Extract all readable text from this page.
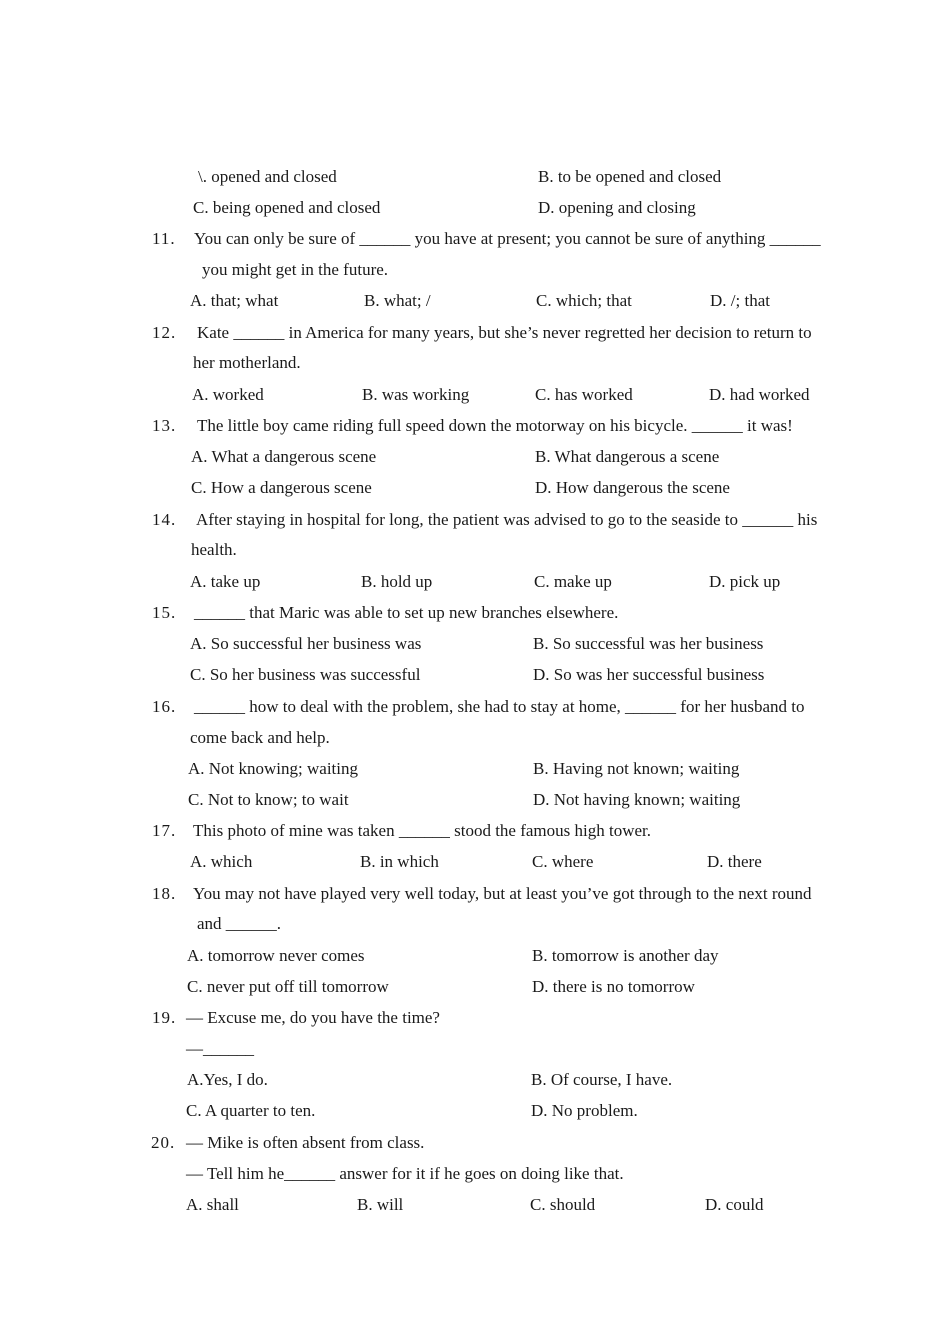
\. opened and closed	B. to be opened and closed
C. being opened and closed	D. opening and closing
11. You can only be sure of ______ you have at present; you cannot be sure of anything ______
you might get in the future.
A. that; what	B. what; /	C. which; that	D. /; that
12. Kate ______ in America for many years, but she’s never regretted her decision to return to
her motherland.
A. worked	B. was working	C. has worked	D. had worked
13. The little boy came riding full speed down the motorway on his bicycle. ______ it was!
A. What a dangerous scene	B. What dangerous a scene
C. How a dangerous scene	D. How dangerous the scene
14. After staying in hospital for long, the patient was advised to go to the seaside to ______ his
health.
A. take up	B. hold up	C. make up	D. pick up
15. ______ that Maric was able to set up new branches elsewhere.
A. So successful her business was	B. So successful was her business
C. So her business was successful	D. So was her successful business
16. ______ how to deal with the problem, she had to stay at home, ______ for her husband to
come back and help.
A. Not knowing; waiting	B. Having not known; waiting
C. Not to know; to wait	D. Not having known; waiting
17. This photo of mine was taken ______ stood the famous high tower.
A. which	B. in which	C. where	D. there
18. You may not have played very well today, but at least you’ve got through to the next round
and ______.
A. tomorrow never comes	B. tomorrow is another day
C. never put off till tomorrow	D. there is no tomorrow
19. — Excuse me, do you have the time?
—______
A.Yes, I do.	B. Of course, I have.
C. A quarter to ten.	D. No problem.
20. — Mike is often absent from class.
— Tell him he______ answer for it if he goes on doing like that.
A. shall	B. will	C. should	D. could
